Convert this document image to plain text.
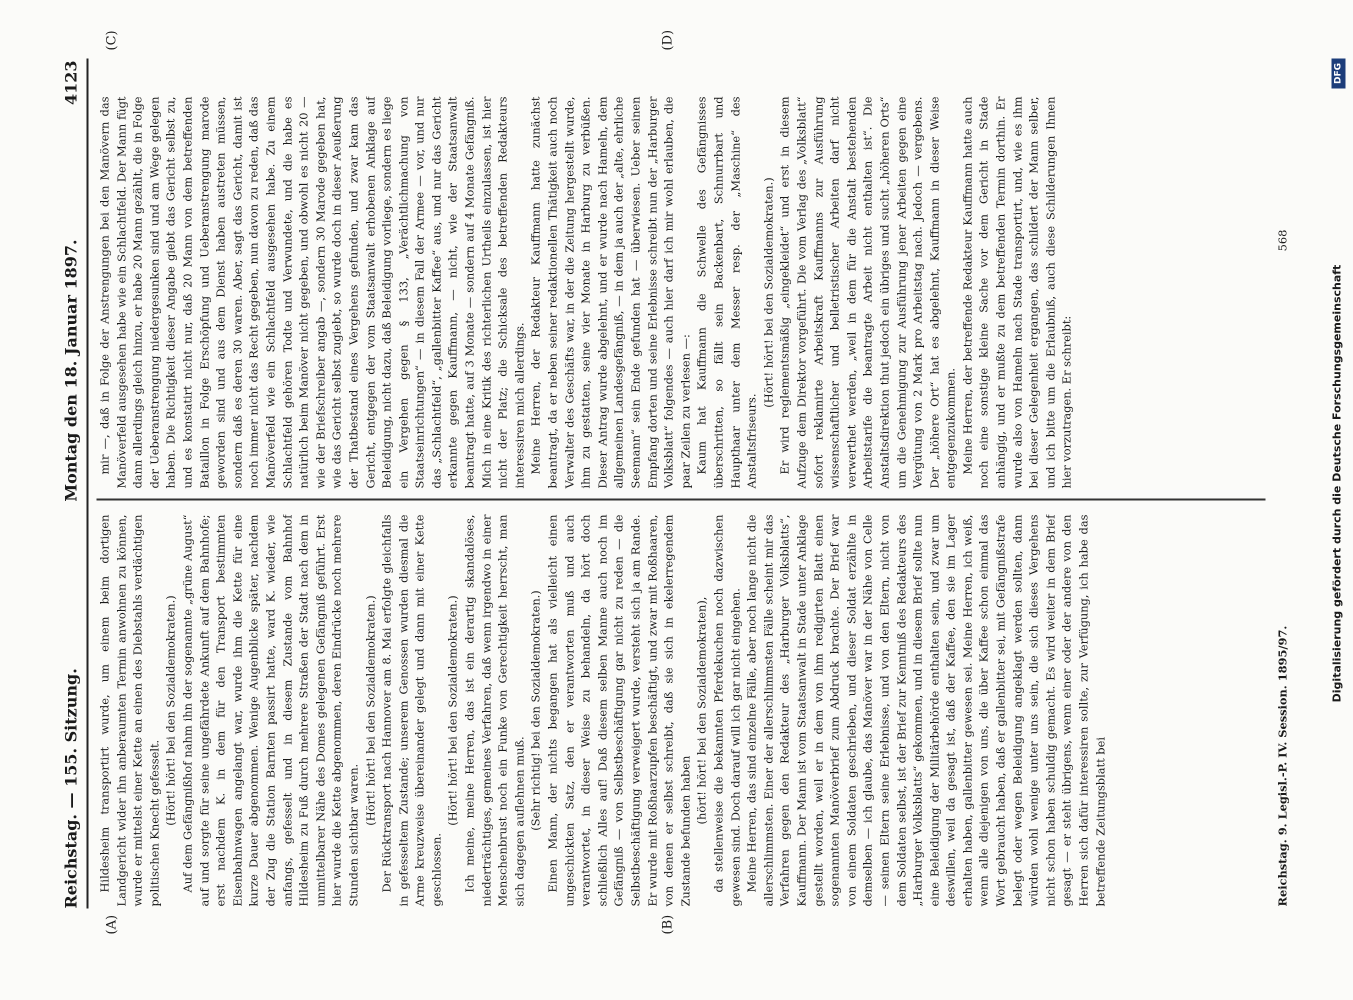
Reichstag. — 155. Sitzung.
Montag den 18. Januar 1897.
4123
(A)	(B)
(C)	(D)

Hildesheim transportirt wurde, um einem beim dortigen Landgericht wider ihn anberaumten Termin anwohnen zu können, wurde er mittelst einer Kette an einen des Diebstahls verdächtigen politischen Knecht gefesselt. (Hört! hört! bei den Sozialdemokraten.) Auf dem Gefängnißhof nahm ihn der sogenannte „grüne August“ auf und sorgte für seine ungefährdete Ankunft auf dem Bahnhofe; erst nachdem K. in dem für den Transport bestimmten Eisenbahnwagen angelangt war, wurde ihm die Kette für eine kurze Dauer abgenommen. Wenige Augenblicke später, nachdem der Zug die Station Barnten passirt hatte, ward K. wieder, wie anfangs, gefesselt und in diesem Zustande vom Bahnhof Hildesheim zu Fuß durch mehrere Straßen der Stadt nach dem in unmittelbarer Nähe des Domes gelegenen Gefängniß geführt. Erst hier wurde die Kette abgenommen, deren Eindrücke noch mehrere Stunden sichtbar waren.

(Hört! hört! bei den Sozialdemokraten.) Der Rücktransport nach Hannover am 8. Mai erfolgte gleichfalls in gefesseltem Zustande; unserem Genossen wurden diesmal die Arme kreuzweise übereinander gelegt und dann mit einer Kette geschlossen.

(Hört! hört! bei den Sozialdemokraten.) Ich meine, meine Herren, das ist ein derartig skandalöses, niederträchtiges, gemeines Verfahren, daß wenn irgendwo in einer Menschenbrust noch ein Funke von Gerechtigkeit herrscht, man sich dagegen auflehnen muß. (Sehr richtig! bei den Sozialdemokraten.) Einen Mann, der nichts begangen hat als vielleicht einen ungeschickten Satz, den er verantworten muß und auch verantwortet, in dieser Weise zu behandeln, da hört doch schließlich Alles auf! Daß diesem selben Manne auch noch im Gefängniß — von Selbstbeschäftigung gar nicht zu reden — die Selbstbeschäftigung verweigert wurde, versteht sich ja am Rande. Er wurde mit Roßhaarzupfen beschäftigt, und zwar mit Roßhaaren, von denen er selbst schreibt, daß sie sich in ekelerregendem Zustande befunden haben

(hört! hört! bei den Sozialdemokraten), da stellenweise die bekannten Pferdekuchen noch dazwischen gewesen sind. Doch darauf will ich gar nicht eingehen. Meine Herren, das sind einzelne Fälle, aber noch lange nicht die allerschlimmsten. Einer der allerschlimmsten Fälle scheint mir das Verfahren gegen den Redakteur des „Harburger Volksblatts“, Kauffmann. Der Mann ist vom Staatsanwalt in Stade unter Anklage gestellt worden, weil er in dem von ihm redigirten Blatt einen sogenannten Manöverbrief zum Abdruck brachte. Der Brief war von einem Soldaten geschrieben, und dieser Soldat erzählte in demselben — ich glaube, das Manöver war in der Nähe von Celle — seinen Eltern seine Erlebnisse, und von den Eltern, nicht von dem Soldaten selbst, ist der Brief zur Kenntniß des Redakteurs des „Harburger Volksblatts“ gekommen, und in diesem Brief sollte nun eine Beleidigung der Militärbehörde enthalten sein, und zwar um deswillen, weil da gesagt ist, daß der Kaffee, den sie im Lager erhalten haben, gallenbitter gewesen sei. Meine Herren, ich weiß, wenn alle diejenigen von uns, die über Kaffee schon einmal das Wort gebraucht haben, daß er gallenbitter sei, mit Gefängnißstrafe belegt oder wegen Beleidigung angeklagt werden sollten, dann würden wohl wenige unter uns sein, die sich dieses Vergehens nicht schon haben schuldig gemacht. Es wird weiter in dem Brief gesagt — er steht übrigens, wenn einer oder der andere von den Herren sich dafür interessiren sollte, zur Verfügung, ich habe das betreffende Zeitungsblatt bei

mir —, daß in Folge der Anstrengungen bei den Manövern das Manöverfeld ausgesehen habe wie ein Schlachtfeld. Der Mann fügt dann allerdings gleich hinzu, er habe 20 Mann gezählt, die in Folge der Ueberanstrengung niedergesunken sind und am Wege gelegen haben. Die Richtigkeit dieser Angabe giebt das Gericht selbst zu, und es konstatirt nicht nur, daß 20 Mann von dem betreffenden Bataillon in Folge Erschöpfung und Ueberanstrengung marode geworden sind und aus dem Dienst haben austreten müssen, sondern daß es deren 30 waren. Aber, sagt das Gericht, damit ist noch immer nicht das Recht gegeben, nun davon zu reden, daß das Manöverfeld wie ein Schlachtfeld ausgesehen habe. Zu einem Schlachtfeld gehören Todte und Verwundete, und die habe es natürlich beim Manöver nicht gegeben, und obwohl es nicht 20 — wie der Briefschreiber angab —, sondern 30 Marode gegeben hat, wie das Gericht selbst zugiebt, so wurde doch in dieser Aeußerung der Thatbestand eines Vergehens gefunden, und zwar kam das Gericht, entgegen der vom Staatsanwalt erhobenen Anklage auf Beleidigung, nicht dazu, daß Beleidigung vorliege, sondern es liege ein Vergehen gegen § 133, „Verächtlichmachung von Staatseinrichtungen“ — in diesem Fall der Armee — vor, und nur das „Schlachtfeld“, „gallenbitter Kaffee“ aus, und nur das Gericht erkannte gegen Kauffmann, — nicht, wie der Staatsanwalt beantragt hatte, auf 3 Monate — sondern auf 4 Monate Gefängniß. Mich in eine Kritik des richterlichen Urtheils einzulassen, ist hier nicht der Platz; die Schicksale des betreffenden Redakteurs interessiren mich allerdings. Meine Herren, der Redakteur Kauffmann hatte zunächst beantragt, da er neben seiner redaktionellen Thätigkeit auch noch Verwalter des Geschäfts war, in der die Zeitung hergestellt wurde, ihm zu gestatten, seine vier Monate in Harburg zu verbüßen. Dieser Antrag wurde abgelehnt, und er wurde nach Hameln, dem allgemeinen Landesgefängniß, — in dem ja auch der „alte, ehrliche Seemann“ sein Ende gefunden hat — überwiesen. Ueber seinen Empfang dorten und seine Erlebnisse schreibt nun der „Harburger Volksblatt“ folgendes — auch hier darf ich mir wohl erlauben, die paar Zeilen zu verlesen —: Kaum hat Kauffmann die Schwelle des Gefängnisses überschritten, so fällt sein Backenbart, Schnurrbart und Haupthaar unter dem Messer resp. der „Maschine“ des Anstaltsfriseurs.

(Hört! hört! bei den Sozialdemokraten.) Er wird reglementsmäßig „eingekleidet“ und erst in diesem Aufzuge dem Direktor vorgeführt. Die vom Verlag des „Volksblatt“ sofort reklamirte Arbeitskraft Kauffmanns zur Ausführung wissenschaftlicher und belletristischer Arbeiten darf nicht verwerthet werden, „weil in dem für die Anstalt bestehenden Arbeitstarife die beantragte Arbeit nicht enthalten ist“. Die Anstaltsdirektion thut jedoch ein übriges und sucht „höheren Orts“ um die Genehmigung zur Ausführung jener Arbeiten gegen eine Vergütung von 2 Mark pro Arbeitstag nach. Jedoch — vergebens. Der „höhere Ort“ hat es abgelehnt, Kauffmann in dieser Weise entgegenzukommen. Meine Herren, der betreffende Redakteur Kauffmann hatte auch noch eine sonstige kleine Sache vor dem Gericht in Stade anhängig, und er mußte zu dem betreffenden Termin dorthin. Er wurde also von Hameln nach Stade transportirt, und, wie es ihm bei dieser Gelegenheit ergangen, das schildert der Mann selber, und ich bitte um die Erlaubniß, auch diese Schilderungen Ihnen hier vorzutragen. Er schreibt:

Reichstag. 9. Legisl.-P. IV. Session. 1895/97.
568
Digitalisierung gefördert durch die Deutsche Forschungsgemeinschaft
DFG
